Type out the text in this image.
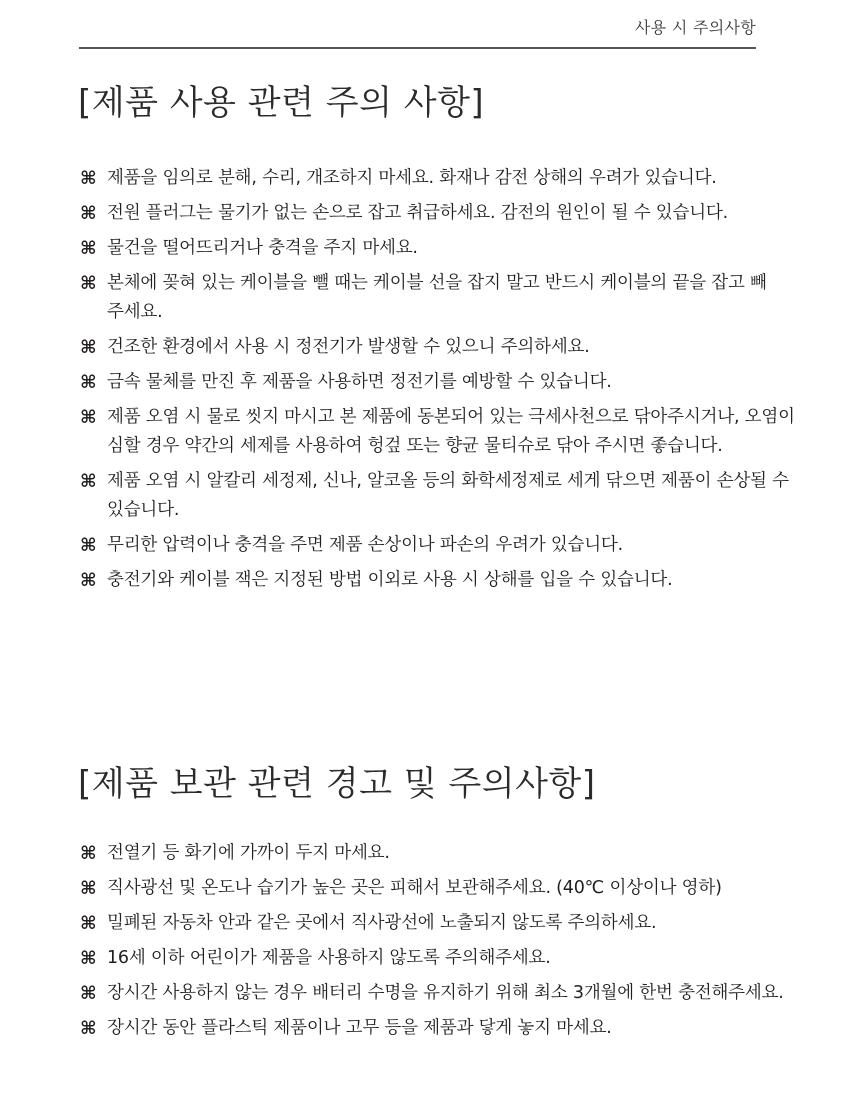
사용 시 주의사항
[제품 사용 관련 주의 사항]
⌘ 제품을 임의로 분해, 수리, 개조하지 마세요. 화재나 감전 상해의 우려가 있습니다.
⌘ 전원 플러그는 물기가 없는 손으로 잡고 취급하세요. 감전의 원인이 될 수 있습니다.
⌘ 물건을 떨어뜨리거나 충격을 주지 마세요.
⌘ 본체에 꽂혀 있는 케이블을 뺄 때는 케이블 선을 잡지 말고 반드시 케이블의 끝을 잡고 빼 주세요.
⌘ 건조한 환경에서 사용 시 정전기가 발생할 수 있으니 주의하세요.
⌘ 금속 물체를 만진 후 제품을 사용하면 정전기를 예방할 수 있습니다.
⌘ 제품 오염 시 물로 씻지 마시고 본 제품에 동본되어 있는 극세사천으로 닦아주시거나, 오염이 심할 경우 약간의 세제를 사용하여 헝겊 또는 향균 물티슈로 닦아 주시면 좋습니다.
⌘ 제품 오염 시 알칼리 세정제, 신나, 알코올 등의 화학세정제로 세게 닦으면 제품이 손상될 수 있습니다.
⌘ 무리한 압력이나 충격을 주면 제품 손상이나 파손의 우려가 있습니다.
⌘ 충전기와 케이블 잭은 지정된 방법 이외로 사용 시 상해를 입을 수 있습니다.
[제품 보관 관련 경고 및 주의사항]
⌘ 전열기 등 화기에 가까이 두지 마세요.
⌘ 직사광선 및 온도나 습기가 높은 곳은 피해서 보관해주세요. (40℃ 이상이나 영하)
⌘ 밀폐된 자동차 안과 같은 곳에서 직사광선에 노출되지 않도록 주의하세요.
⌘ 16세 이하 어린이가 제품을 사용하지 않도록 주의해주세요.
⌘ 장시간 사용하지 않는 경우 배터리 수명을 유지하기 위해 최소 3개월에 한번 충전해주세요.
⌘ 장시간 동안 플라스틱 제품이나 고무 등을 제품과 닿게 놓지 마세요.
